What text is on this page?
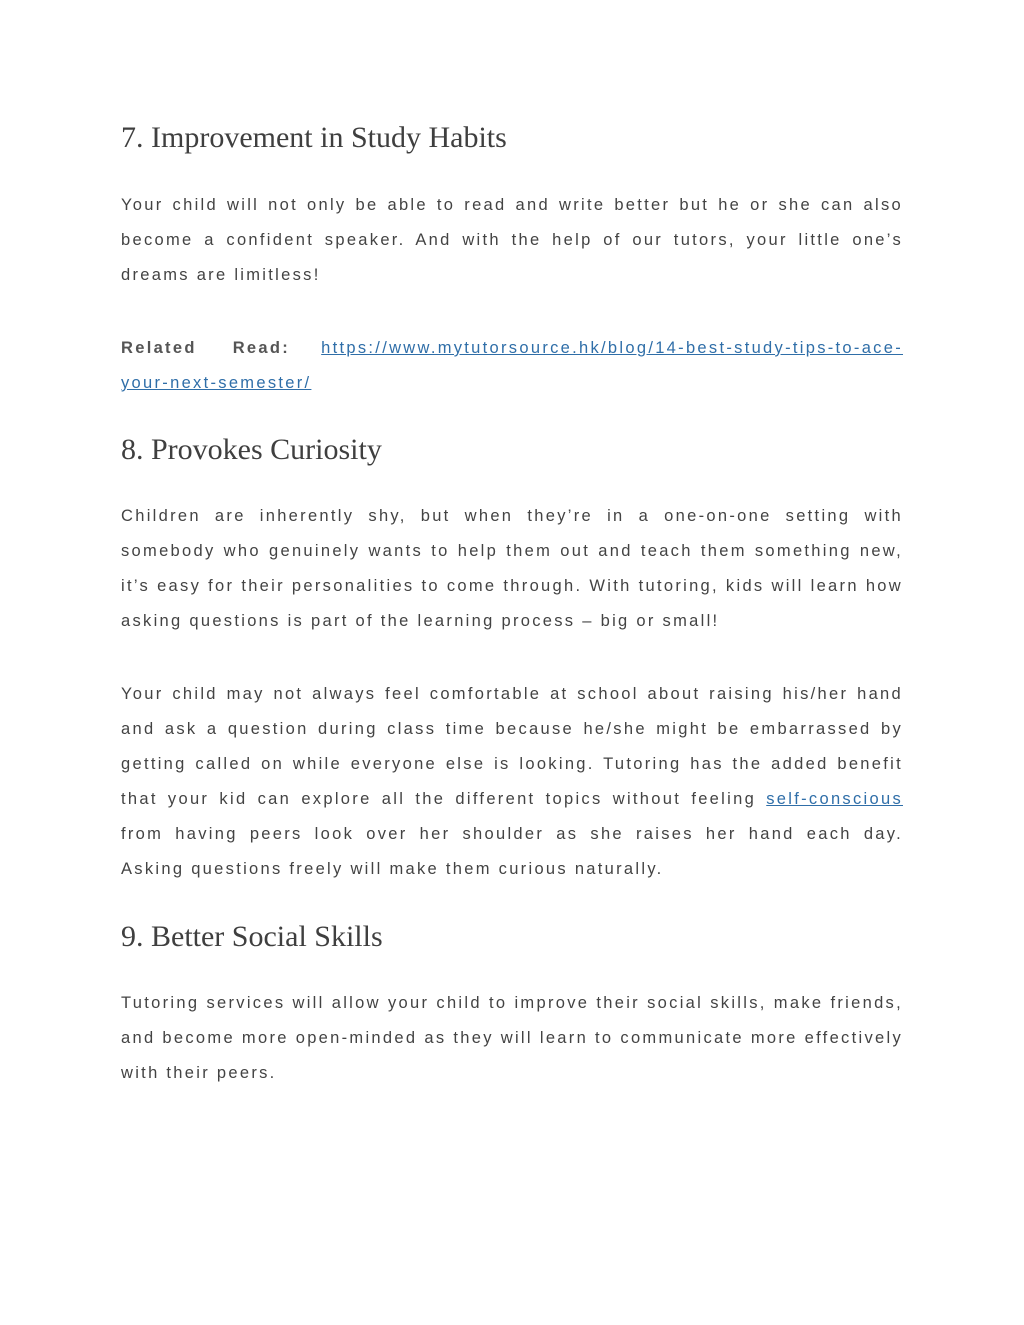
7. Improvement in Study Habits

Your child will not only be able to read and write better but he or she can also become a confident speaker. And with the help of our tutors, your little one’s dreams are limitless!

Related Read: https://www.mytutorsource.hk/blog/14-best-study-tips-to-ace-your-next-semester/

8. Provokes Curiosity

Children are inherently shy, but when they’re in a one-on-one setting with somebody who genuinely wants to help them out and teach them something new, it’s easy for their personalities to come through. With tutoring, kids will learn how asking questions is part of the learning process – big or small!

Your child may not always feel comfortable at school about raising his/her hand and ask a question during class time because he/she might be embarrassed by getting called on while everyone else is looking. Tutoring has the added benefit that your kid can explore all the different topics without feeling self-conscious from having peers look over her shoulder as she raises her hand each day. Asking questions freely will make them curious naturally.

9. Better Social Skills

Tutoring services will allow your child to improve their social skills, make friends, and become more open-minded as they will learn to communicate more effectively with their peers.
